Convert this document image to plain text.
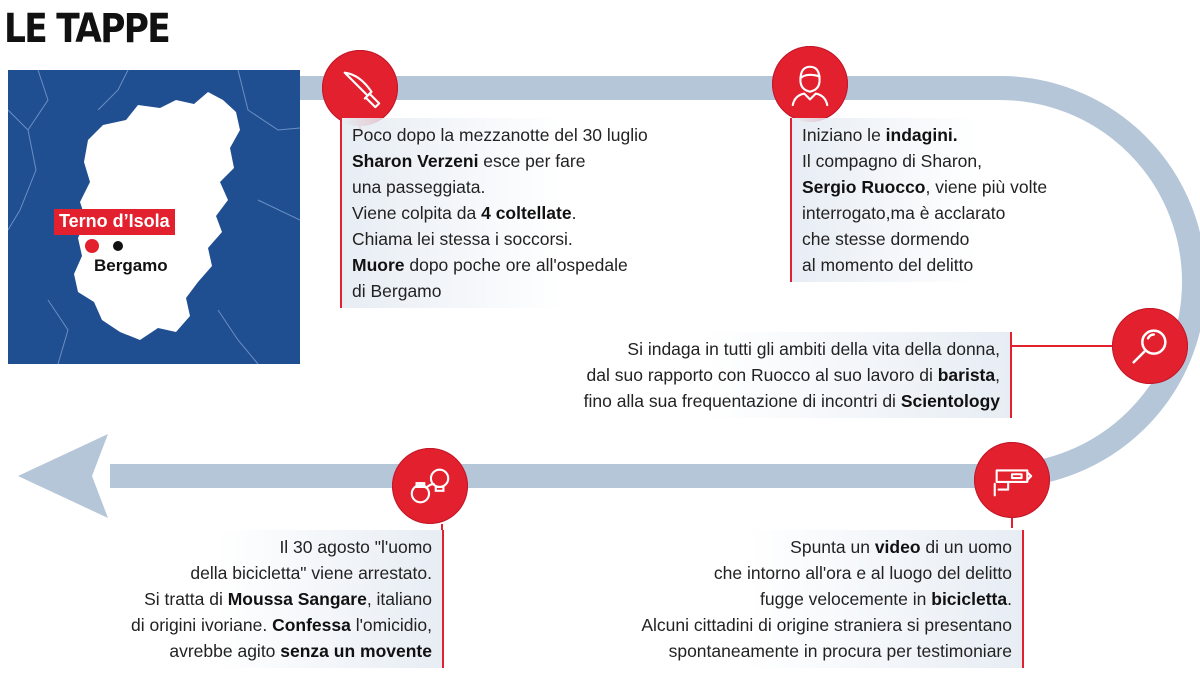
LE TAPPE
Terno d’Isola
Bergamo
Poco dopo la mezzanotte del 30 luglio
Sharon Verzeni esce per fare
una passeggiata.
Viene colpita da 4 coltellate.
Chiama lei stessa i soccorsi.
Muore dopo poche ore all'ospedale
di Bergamo
Iniziano le indagini.
Il compagno di Sharon,
Sergio Ruocco, viene più volte
interrogato,ma è acclarato
che stesse dormendo
al momento del delitto
Si indaga in tutti gli ambiti della vita della donna,
dal suo rapporto con Ruocco al suo lavoro di barista,
fino alla sua frequentazione di incontri di Scientology
Spunta un video di un uomo
che intorno all'ora e al luogo del delitto
fugge velocemente in bicicletta.
Alcuni cittadini di origine straniera si presentano
spontaneamente in procura per testimoniare
Il 30 agosto "l'uomo
della bicicletta" viene arrestato.
Si tratta di Moussa Sangare, italiano
di origini ivoriane. Confessa l'omicidio,
avrebbe agito senza un movente
